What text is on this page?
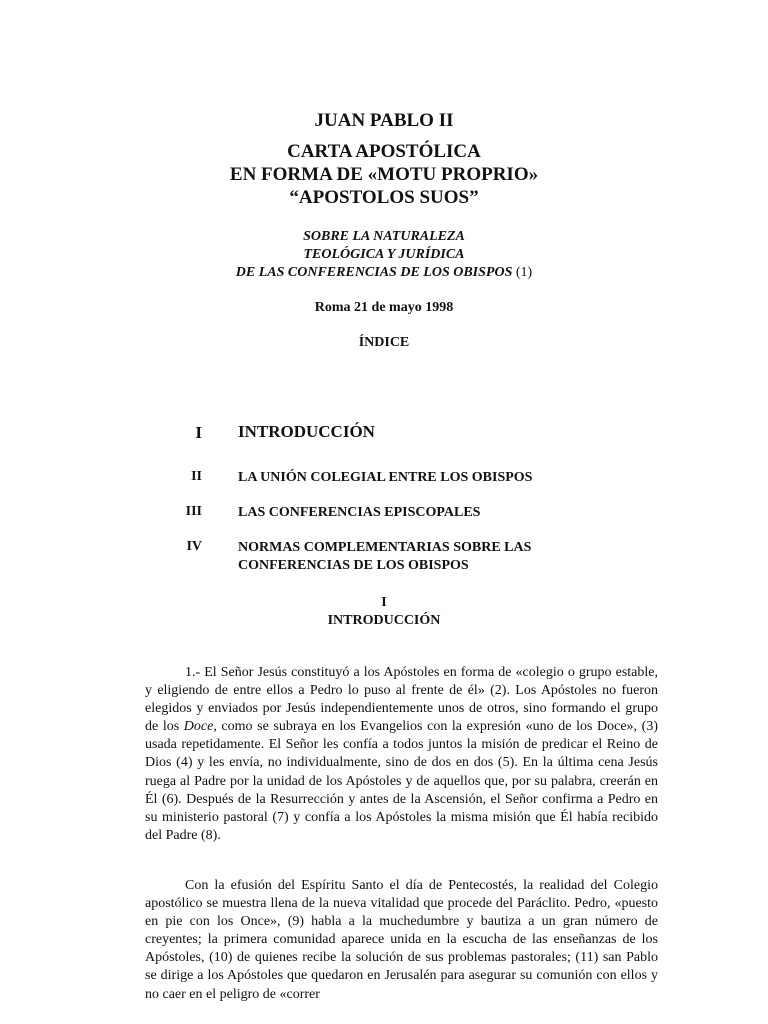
JUAN PABLO II
CARTA APOSTÓLICA
EN FORMA DE «MOTU PROPRIO»
“APOSTOLOS SUOS”
SOBRE LA NATURALEZA
TEOLÓGICA Y JURÍDICA
DE LAS CONFERENCIAS DE LOS OBISPOS (1)
Roma 21 de mayo 1998
ÍNDICE
I INTRODUCCIÓN
II	LA UNIÓN COLEGIAL ENTRE LOS OBISPOS
III	LAS CONFERENCIAS EPISCOPALES
IV	NORMAS COMPLEMENTARIAS SOBRE LAS CONFERENCIAS DE LOS OBISPOS
I
INTRODUCCIÓN

1.- El Señor Jesús constituyó a los Apóstoles en forma de «colegio o grupo estable, y eligiendo de entre ellos a Pedro lo puso al frente de él» (2). Los Apóstoles no fueron elegidos y enviados por Jesús independientemente unos de otros, sino formando el grupo de los Doce, como se subraya en los Evangelios con la expresión «uno de los Doce», (3) usada repetidamente. El Señor les confía a todos juntos la misión de predicar el Reino de Dios (4) y les envía, no individualmente, sino de dos en dos (5). En la última cena Jesús ruega al Padre por la unidad de los Apóstoles y de aquellos que, por su palabra, creerán en Él (6). Después de la Resurrección y antes de la Ascensión, el Señor confirma a Pedro en su ministerio pastoral (7) y confía a los Apóstoles la misma misión que Él había recibido del Padre (8).

Con la efusión del Espíritu Santo el día de Pentecostés, la realidad del Colegio apostólico se muestra llena de la nueva vitalidad que procede del Paráclito. Pedro, «puesto en pie con los Once», (9) habla a la muchedumbre y bautiza a un gran número de creyentes; la primera comunidad aparece unida en la escucha de las enseñanzas de los Apóstoles, (10) de quienes recibe la solución de sus problemas pastorales; (11) san Pablo se dirige a los Apóstoles que quedaron en Jerusalén para asegurar su comunión con ellos y no caer en el peligro de «correr
